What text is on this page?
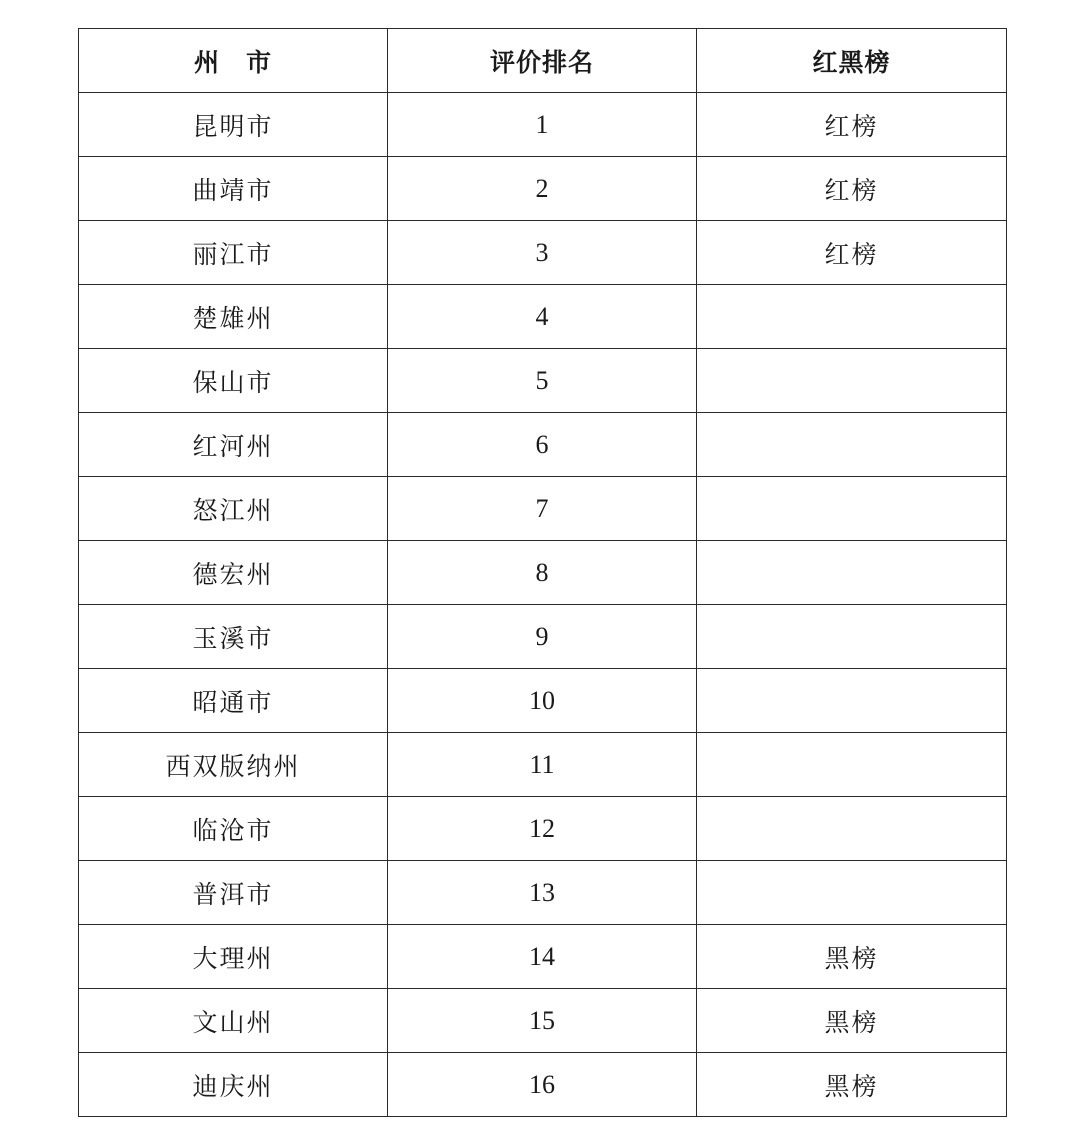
州　市	评价排名	红黑榜
昆明市	1	红榜
曲靖市	2	红榜
丽江市	3	红榜
楚雄州	4	
保山市	5	
红河州	6	
怒江州	7	
德宏州	8	
玉溪市	9	
昭通市	10	
西双版纳州	11	
临沧市	12	
普洱市	13	
大理州	14	黑榜
文山州	15	黑榜
迪庆州	16	黑榜
